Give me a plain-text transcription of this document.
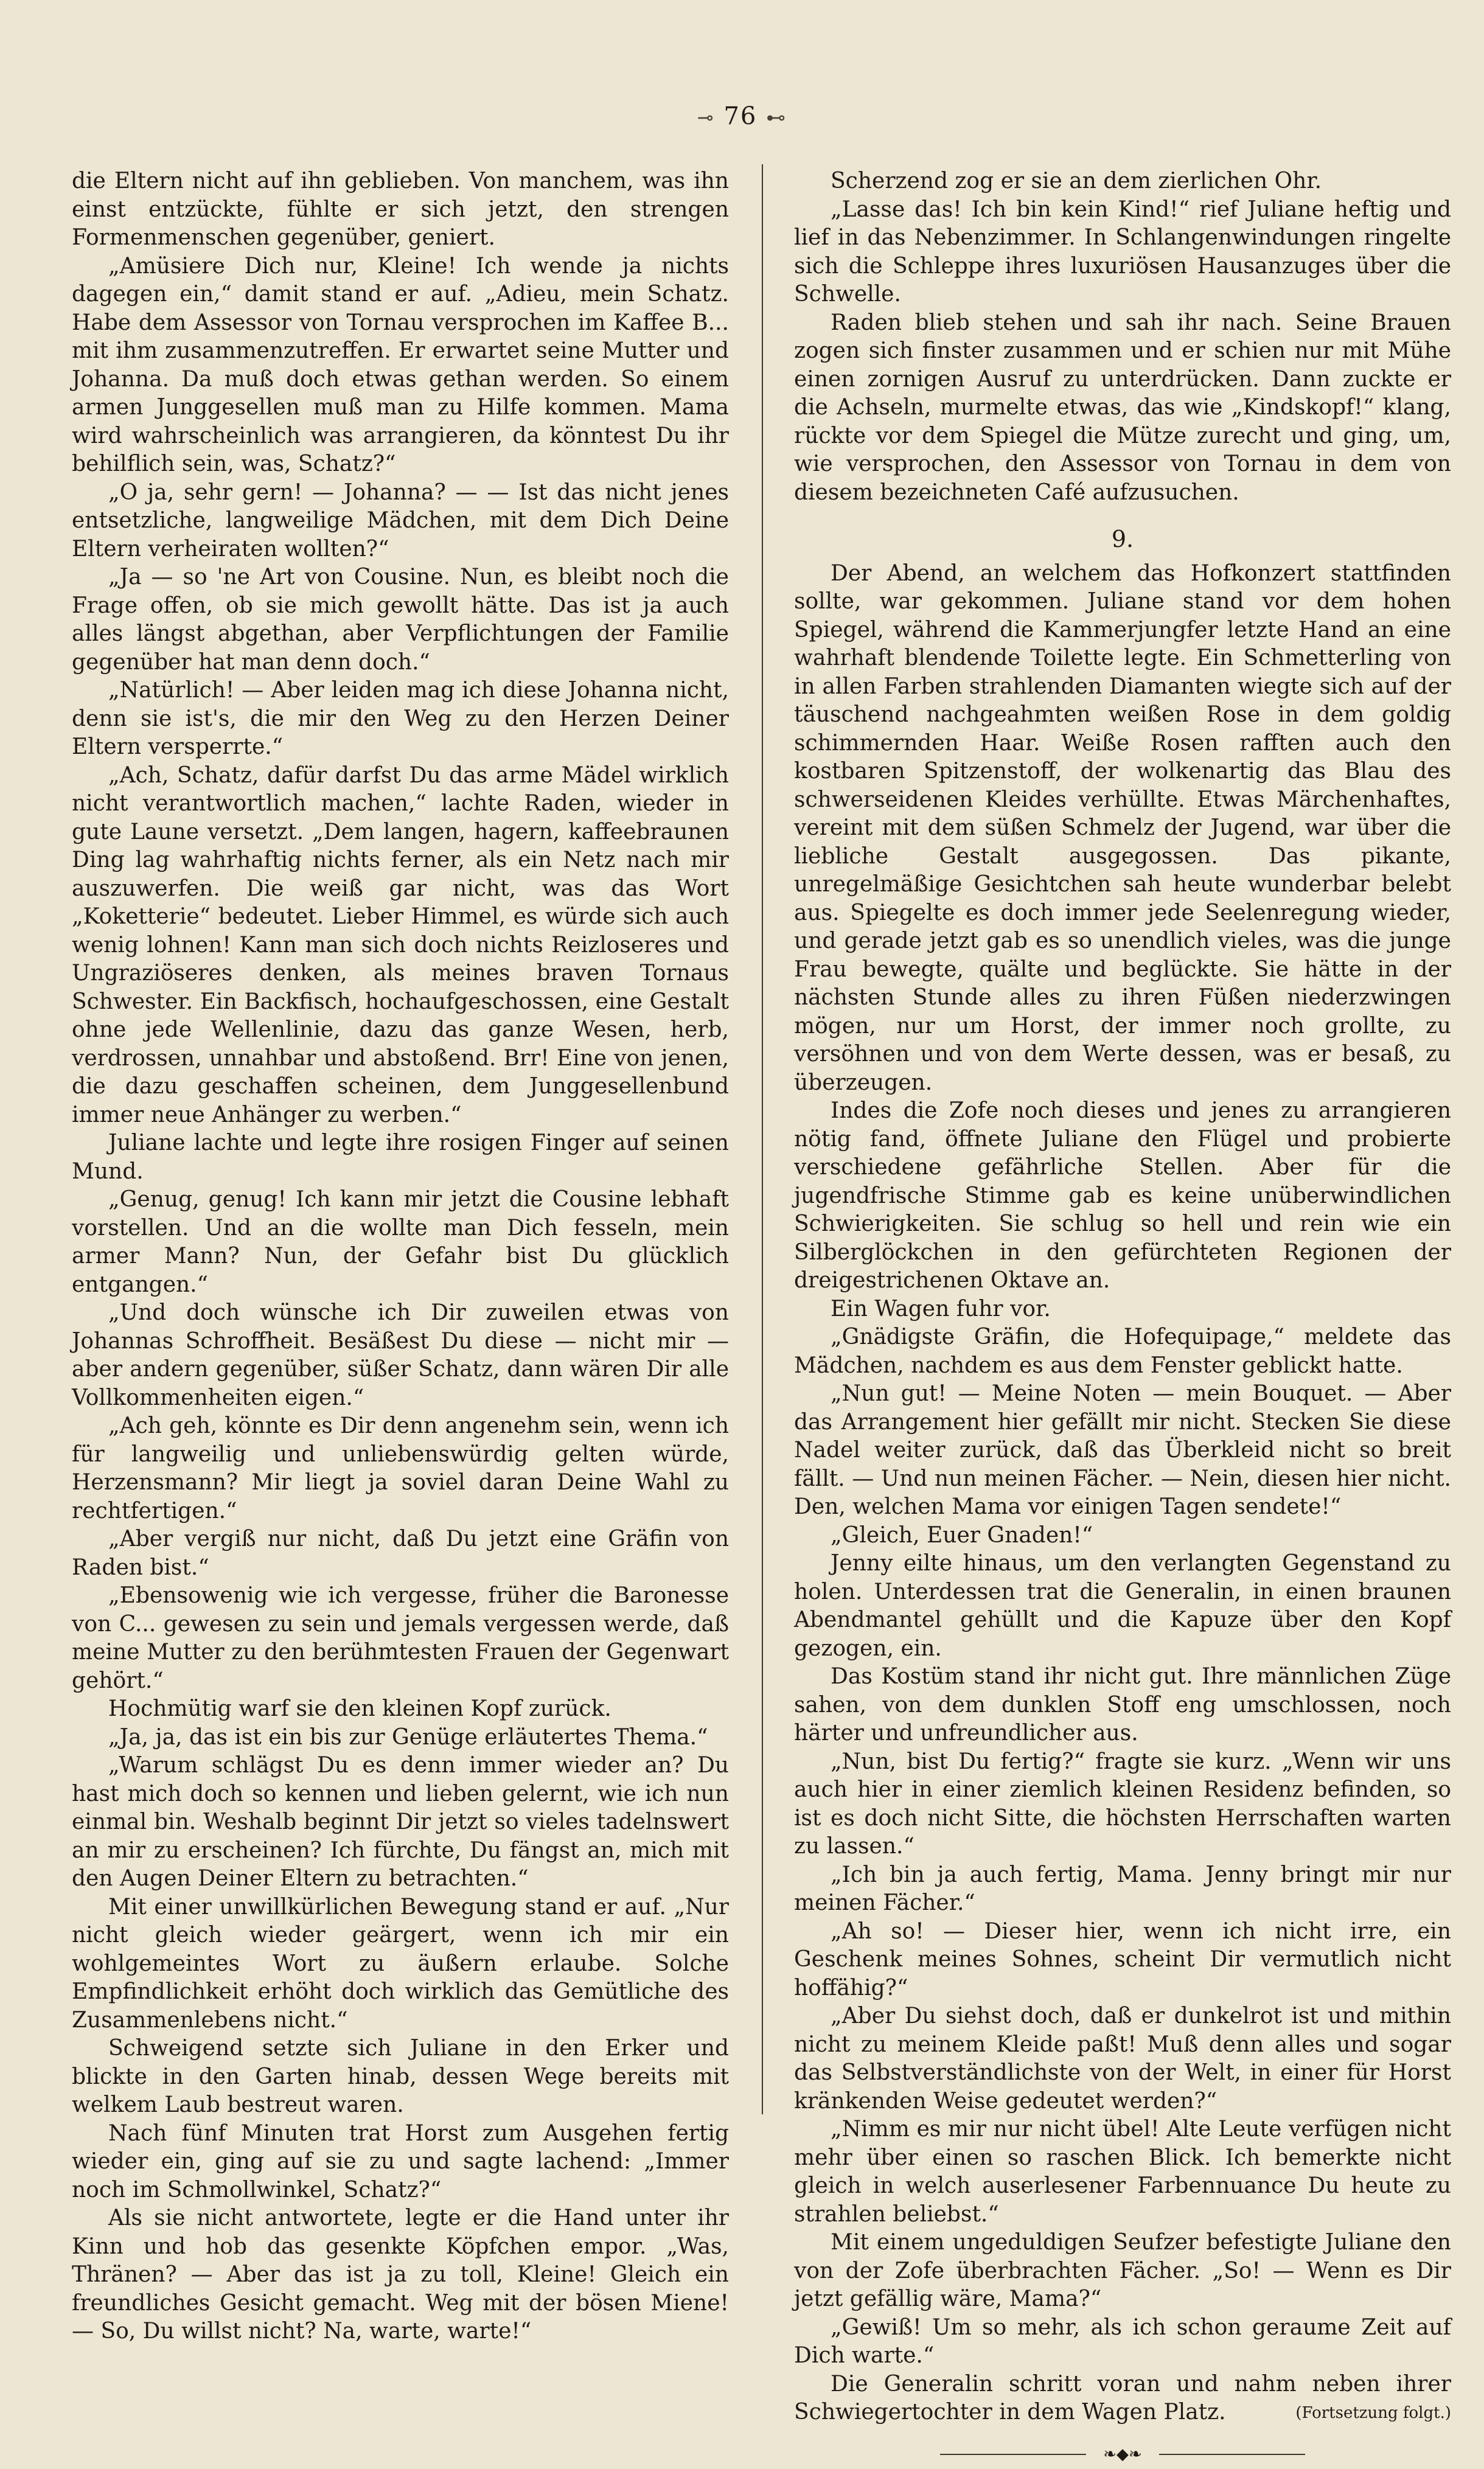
⊸ 76 ⊷

die Eltern nicht auf ihn geblieben. Von manchem, was ihn einst entzückte, fühlte er sich jetzt, den strengen Formenmenschen gegenüber, geniert.

„Amüsiere Dich nur, Kleine! Ich wende ja nichts dagegen ein,“ damit stand er auf. „Adieu, mein Schatz. Habe dem Assessor von Tornau versprochen im Kaffee B... mit ihm zusammenzutreffen. Er erwartet seine Mutter und Johanna. Da muß doch etwas gethan werden. So einem armen Junggesellen muß man zu Hilfe kommen. Mama wird wahrscheinlich was arrangieren, da könntest Du ihr behilflich sein, was, Schatz?“

„O ja, sehr gern! — Johanna? — — Ist das nicht jenes entsetzliche, langweilige Mädchen, mit dem Dich Deine Eltern verheiraten wollten?“

„Ja — so 'ne Art von Cousine. Nun, es bleibt noch die Frage offen, ob sie mich gewollt hätte. Das ist ja auch alles längst abgethan, aber Verpflichtungen der Familie gegenüber hat man denn doch.“

„Natürlich! — Aber leiden mag ich diese Johanna nicht, denn sie ist's, die mir den Weg zu den Herzen Deiner Eltern versperrte.“

„Ach, Schatz, dafür darfst Du das arme Mädel wirklich nicht verantwortlich machen,“ lachte Raden, wieder in gute Laune versetzt. „Dem langen, hagern, kaffeebraunen Ding lag wahrhaftig nichts ferner, als ein Netz nach mir auszuwerfen. Die weiß gar nicht, was das Wort „Koketterie“ bedeutet. Lieber Himmel, es würde sich auch wenig lohnen! Kann man sich doch nichts Reizloseres und Ungraziöseres denken, als meines braven Tornaus Schwester. Ein Backfisch, hochaufgeschossen, eine Gestalt ohne jede Wellenlinie, dazu das ganze Wesen, herb, verdrossen, unnahbar und abstoßend. Brr! Eine von jenen, die dazu geschaffen scheinen, dem Junggesellenbund immer neue Anhänger zu werben.“

Juliane lachte und legte ihre rosigen Finger auf seinen Mund.

„Genug, genug! Ich kann mir jetzt die Cousine lebhaft vorstellen. Und an die wollte man Dich fesseln, mein armer Mann? Nun, der Gefahr bist Du glücklich entgangen.“

„Und doch wünsche ich Dir zuweilen etwas von Johannas Schroffheit. Besäßest Du diese — nicht mir — aber andern gegenüber, süßer Schatz, dann wären Dir alle Vollkommenheiten eigen.“

„Ach geh, könnte es Dir denn angenehm sein, wenn ich für langweilig und unliebenswürdig gelten würde, Herzensmann? Mir liegt ja soviel daran Deine Wahl zu rechtfertigen.“

„Aber vergiß nur nicht, daß Du jetzt eine Gräfin von Raden bist.“

„Ebensowenig wie ich vergesse, früher die Baronesse von C... gewesen zu sein und jemals vergessen werde, daß meine Mutter zu den berühmtesten Frauen der Gegenwart gehört.“

Hochmütig warf sie den kleinen Kopf zurück.

„Ja, ja, das ist ein bis zur Genüge erläutertes Thema.“

„Warum schlägst Du es denn immer wieder an? Du hast mich doch so kennen und lieben gelernt, wie ich nun einmal bin. Weshalb beginnt Dir jetzt so vieles tadelnswert an mir zu erscheinen? Ich fürchte, Du fängst an, mich mit den Augen Deiner Eltern zu betrachten.“

Mit einer unwillkürlichen Bewegung stand er auf. „Nur nicht gleich wieder geärgert, wenn ich mir ein wohlgemeintes Wort zu äußern erlaube. Solche Empfindlichkeit erhöht doch wirklich das Gemütliche des Zusammenlebens nicht.“

Schweigend setzte sich Juliane in den Erker und blickte in den Garten hinab, dessen Wege bereits mit welkem Laub bestreut waren.

Nach fünf Minuten trat Horst zum Ausgehen fertig wieder ein, ging auf sie zu und sagte lachend: „Immer noch im Schmollwinkel, Schatz?“

Als sie nicht antwortete, legte er die Hand unter ihr Kinn und hob das gesenkte Köpfchen empor. „Was, Thränen? — Aber das ist ja zu toll, Kleine! Gleich ein freundliches Gesicht gemacht. Weg mit der bösen Miene! — So, Du willst nicht? Na, warte, warte!“

Scherzend zog er sie an dem zierlichen Ohr.

„Lasse das! Ich bin kein Kind!“ rief Juliane heftig und lief in das Nebenzimmer. In Schlangenwindungen ringelte sich die Schleppe ihres luxuriösen Hausanzuges über die Schwelle.

Raden blieb stehen und sah ihr nach. Seine Brauen zogen sich finster zusammen und er schien nur mit Mühe einen zornigen Ausruf zu unterdrücken. Dann zuckte er die Achseln, murmelte etwas, das wie „Kindskopf!“ klang, rückte vor dem Spiegel die Mütze zurecht und ging, um, wie versprochen, den Assessor von Tornau in dem von diesem bezeichneten Café aufzusuchen.

9.

Der Abend, an welchem das Hofkonzert stattfinden sollte, war gekommen. Juliane stand vor dem hohen Spiegel, während die Kammerjungfer letzte Hand an eine wahrhaft blendende Toilette legte. Ein Schmetterling von in allen Farben strahlenden Diamanten wiegte sich auf der täuschend nachgeahmten weißen Rose in dem goldig schimmernden Haar. Weiße Rosen rafften auch den kostbaren Spitzenstoff, der wolkenartig das Blau des schwerseidenen Kleides verhüllte. Etwas Märchenhaftes, vereint mit dem süßen Schmelz der Jugend, war über die liebliche Gestalt ausgegossen. Das pikante, unregelmäßige Gesichtchen sah heute wunderbar belebt aus. Spiegelte es doch immer jede Seelenregung wieder, und gerade jetzt gab es so unendlich vieles, was die junge Frau bewegte, quälte und beglückte. Sie hätte in der nächsten Stunde alles zu ihren Füßen niederzwingen mögen, nur um Horst, der immer noch grollte, zu versöhnen und von dem Werte dessen, was er besaß, zu überzeugen.

Indes die Zofe noch dieses und jenes zu arrangieren nötig fand, öffnete Juliane den Flügel und probierte verschiedene gefährliche Stellen. Aber für die jugendfrische Stimme gab es keine unüberwindlichen Schwierigkeiten. Sie schlug so hell und rein wie ein Silberglöckchen in den gefürchteten Regionen der dreigestrichenen Oktave an.

Ein Wagen fuhr vor.

„Gnädigste Gräfin, die Hofequipage,“ meldete das Mädchen, nachdem es aus dem Fenster geblickt hatte.

„Nun gut! — Meine Noten — mein Bouquet. — Aber das Arrangement hier gefällt mir nicht. Stecken Sie diese Nadel weiter zurück, daß das Überkleid nicht so breit fällt. — Und nun meinen Fächer. — Nein, diesen hier nicht. Den, welchen Mama vor einigen Tagen sendete!“

„Gleich, Euer Gnaden!“

Jenny eilte hinaus, um den verlangten Gegenstand zu holen. Unterdessen trat die Generalin, in einen braunen Abendmantel gehüllt und die Kapuze über den Kopf gezogen, ein.

Das Kostüm stand ihr nicht gut. Ihre männlichen Züge sahen, von dem dunklen Stoff eng umschlossen, noch härter und unfreundlicher aus.

„Nun, bist Du fertig?“ fragte sie kurz. „Wenn wir uns auch hier in einer ziemlich kleinen Residenz befinden, so ist es doch nicht Sitte, die höchsten Herrschaften warten zu lassen.“

„Ich bin ja auch fertig, Mama. Jenny bringt mir nur meinen Fächer.“

„Ah so! — Dieser hier, wenn ich nicht irre, ein Geschenk meines Sohnes, scheint Dir vermutlich nicht hoffähig?“

„Aber Du siehst doch, daß er dunkelrot ist und mithin nicht zu meinem Kleide paßt! Muß denn alles und sogar das Selbstverständlichste von der Welt, in einer für Horst kränkenden Weise gedeutet werden?“

„Nimm es mir nur nicht übel! Alte Leute verfügen nicht mehr über einen so raschen Blick. Ich bemerkte nicht gleich in welch auserlesener Farbennuance Du heute zu strahlen beliebst.“

Mit einem ungeduldigen Seufzer befestigte Juliane den von der Zofe überbrachten Fächer. „So! — Wenn es Dir jetzt gefällig wäre, Mama?“

„Gewiß! Um so mehr, als ich schon geraume Zeit auf Dich warte.“

Die Generalin schritt voran und nahm neben ihrer Schwiegertochter in dem Wagen Platz.	(Fortsetzung folgt.)
❧◆❧
